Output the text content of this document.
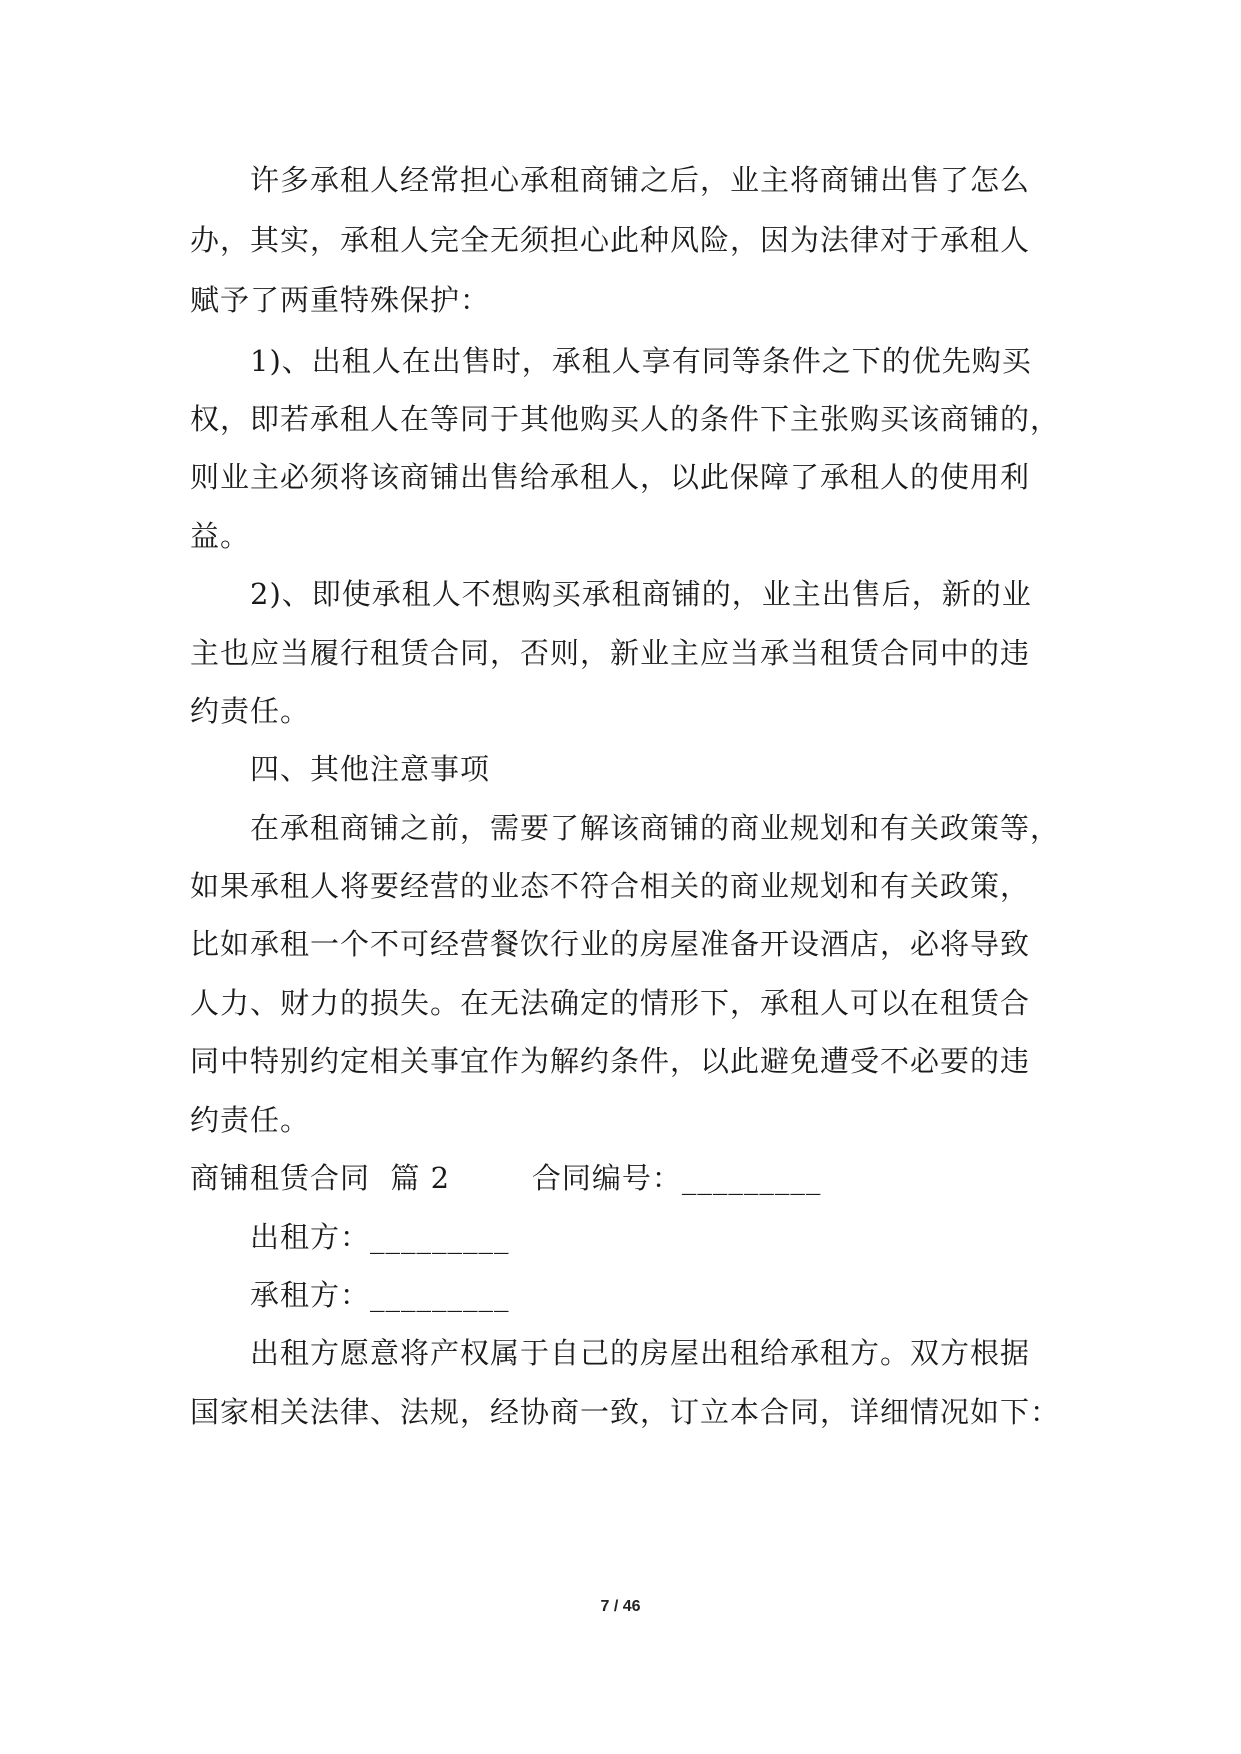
许多承租人经常担心承租商铺之后，业主将商铺出售了怎么
办，其实，承租人完全无须担心此种风险，因为法律对于承租人
赋予了两重特殊保护：
1)、出租人在出售时，承租人享有同等条件之下的优先购买
权，即若承租人在等同于其他购买人的条件下主张购买该商铺的，
则业主必须将该商铺出售给承租人，以此保障了承租人的使用利
益。
2)、即使承租人不想购买承租商铺的，业主出售后，新的业
主也应当履行租赁合同，否则，新业主应当承当租赁合同中的违
约责任。
四、其他注意事项
在承租商铺之前，需要了解该商铺的商业规划和有关政策等，
如果承租人将要经营的业态不符合相关的商业规划和有关政策，
比如承租一个不可经营餐饮行业的房屋准备开设酒店，必将导致
人力、财力的损失。在无法确定的情形下，承租人可以在租赁合
同中特别约定相关事宜作为解约条件，以此避免遭受不必要的违
约责任。
商铺租赁合同  篇 2        合同编号：_________
出租方：_________
承租方：_________
出租方愿意将产权属于自己的房屋出租给承租方。双方根据
国家相关法律、法规，经协商一致，订立本合同，详细情况如下：
7 / 46
